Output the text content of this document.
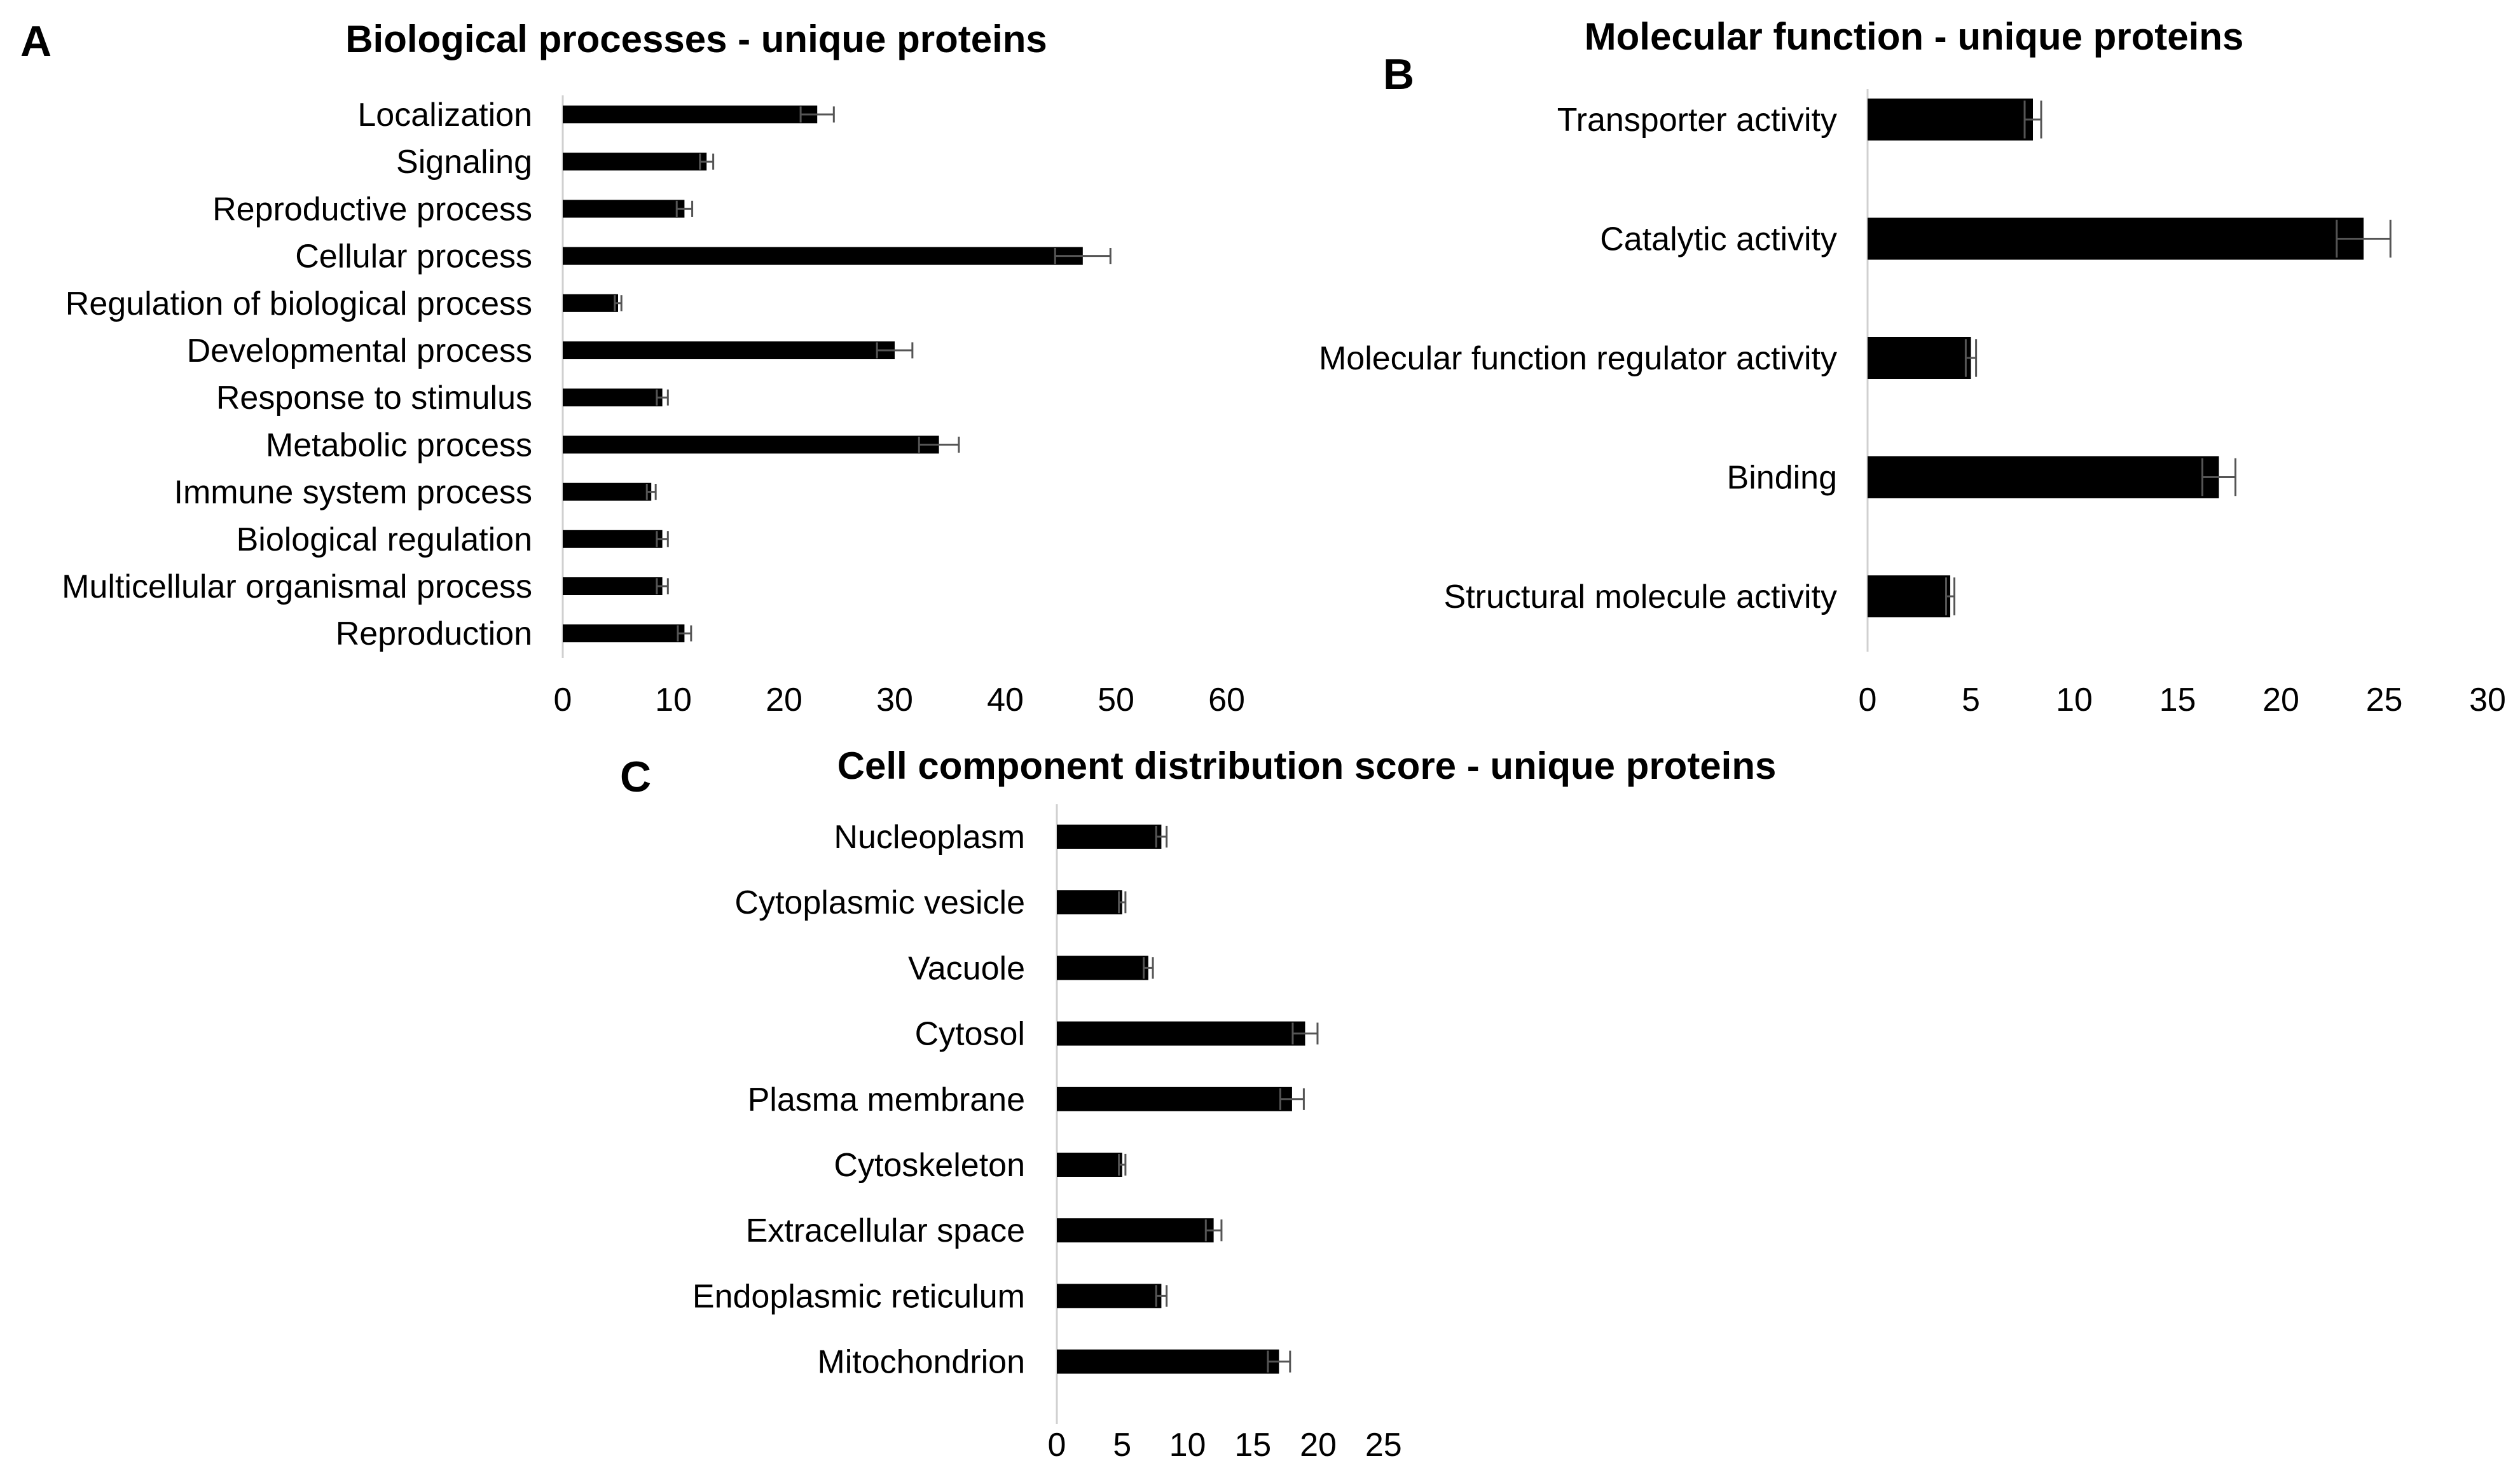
A	Biological processes - unique proteins
Localization
Signaling
Reproductive process
Cellular process
Regulation of biological process
Developmental process
Response to stimulus
Metabolic process
Immune system process
Biological regulation
Multicellular organismal process
Reproduction
0	10 20 30 40 50 60
B
Molecular function - unique proteins
Transporter activity
Catalytic activity
Molecular function regulator activity
Binding
Structural molecule activity
0	5 10 15 20 25 30
C	Cell component distribution score - unique proteins
Nucleoplasm
Cytoplasmic vesicle
Vacuole
Cytosol
Plasma membrane
Cytoskeleton
Extracellular space
Endoplasmic reticulum
Mitochondrion
0 5 10 15 20 25
